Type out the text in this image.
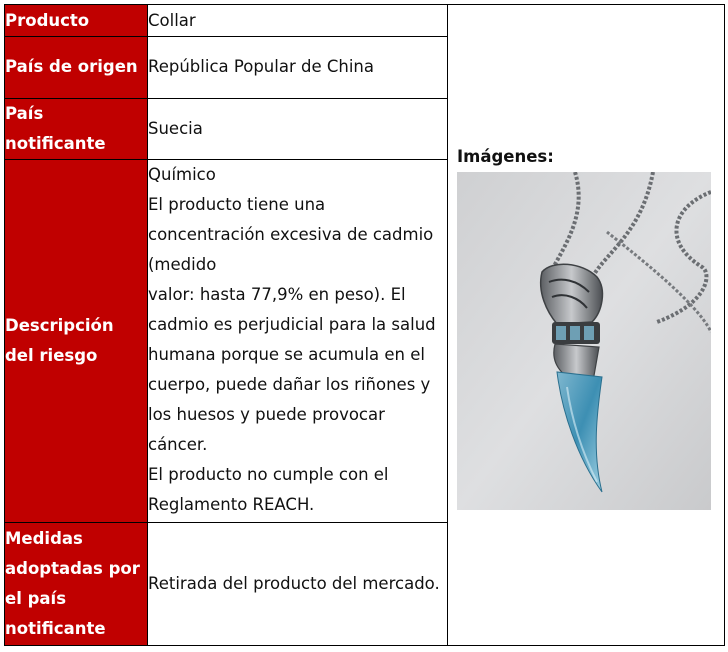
Producto	Collar	Imágenes:

País de origen	República Popular de China	
País notificante	Suecia	
Descripción del riesgo	Químico
El producto tiene una concentración excesiva de cadmio (medido
valor: hasta 77,9% en peso). El cadmio es perjudicial para la salud humana porque se acumula en el cuerpo, puede dañar los riñones y los huesos y puede provocar cáncer.
El producto no cumple con el Reglamento REACH.	

Medidas adoptadas por el país notificante	Retirada del producto del mercado.	
